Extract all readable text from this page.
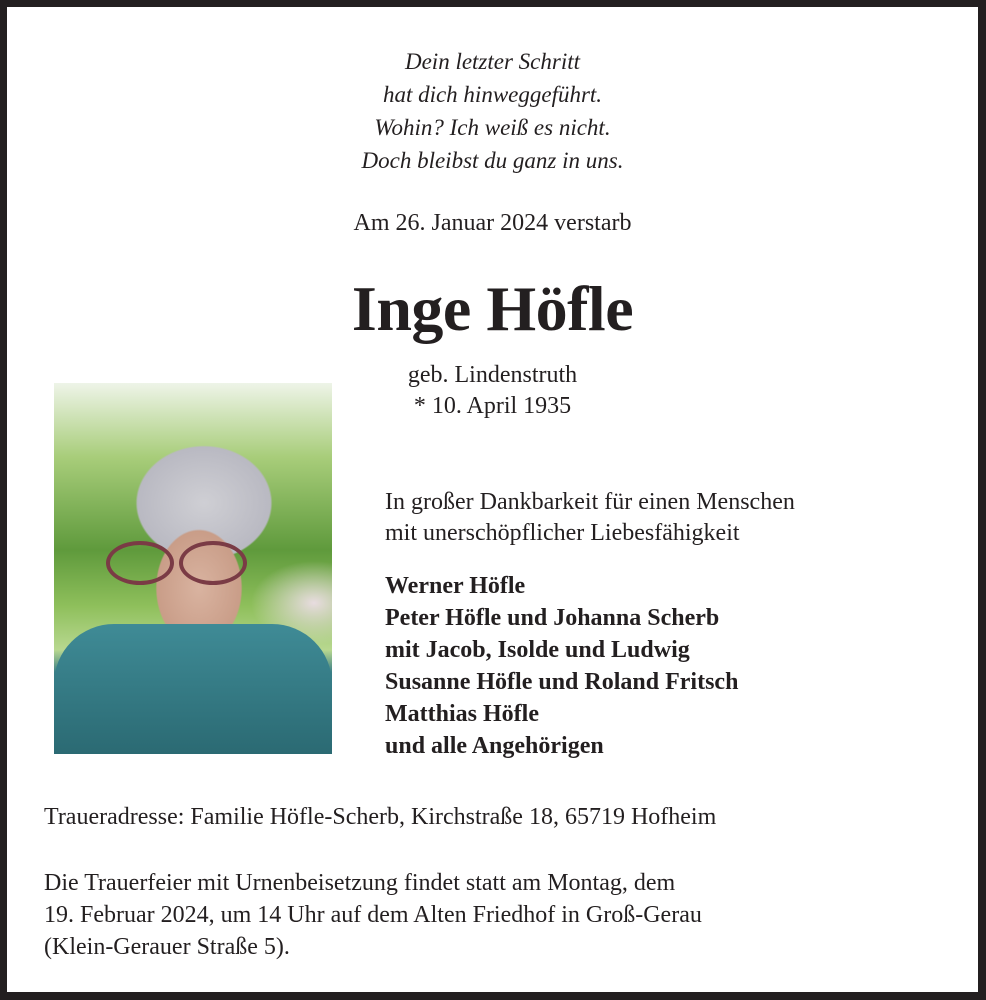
Dein letzter Schritt
hat dich hinweggeführt.
Wohin? Ich weiß es nicht.
Doch bleibst du ganz in uns.
Am 26. Januar 2024 verstarb
Inge Höfle
geb. Lindenstruth
* 10. April 1935
In großer Dankbarkeit für einen Menschen
mit unerschöpflicher Liebesfähigkeit
Werner Höfle
Peter Höfle und Johanna Scherb
mit Jacob, Isolde und Ludwig
Susanne Höfle und Roland Fritsch
Matthias Höfle
und alle Angehörigen
Traueradresse: Familie Höfle-Scherb, Kirchstraße 18, 65719 Hofheim
Die Trauerfeier mit Urnenbeisetzung findet statt am Montag, dem
19. Februar 2024, um 14 Uhr auf dem Alten Friedhof in Groß-Gerau
(Klein-Gerauer Straße 5).
